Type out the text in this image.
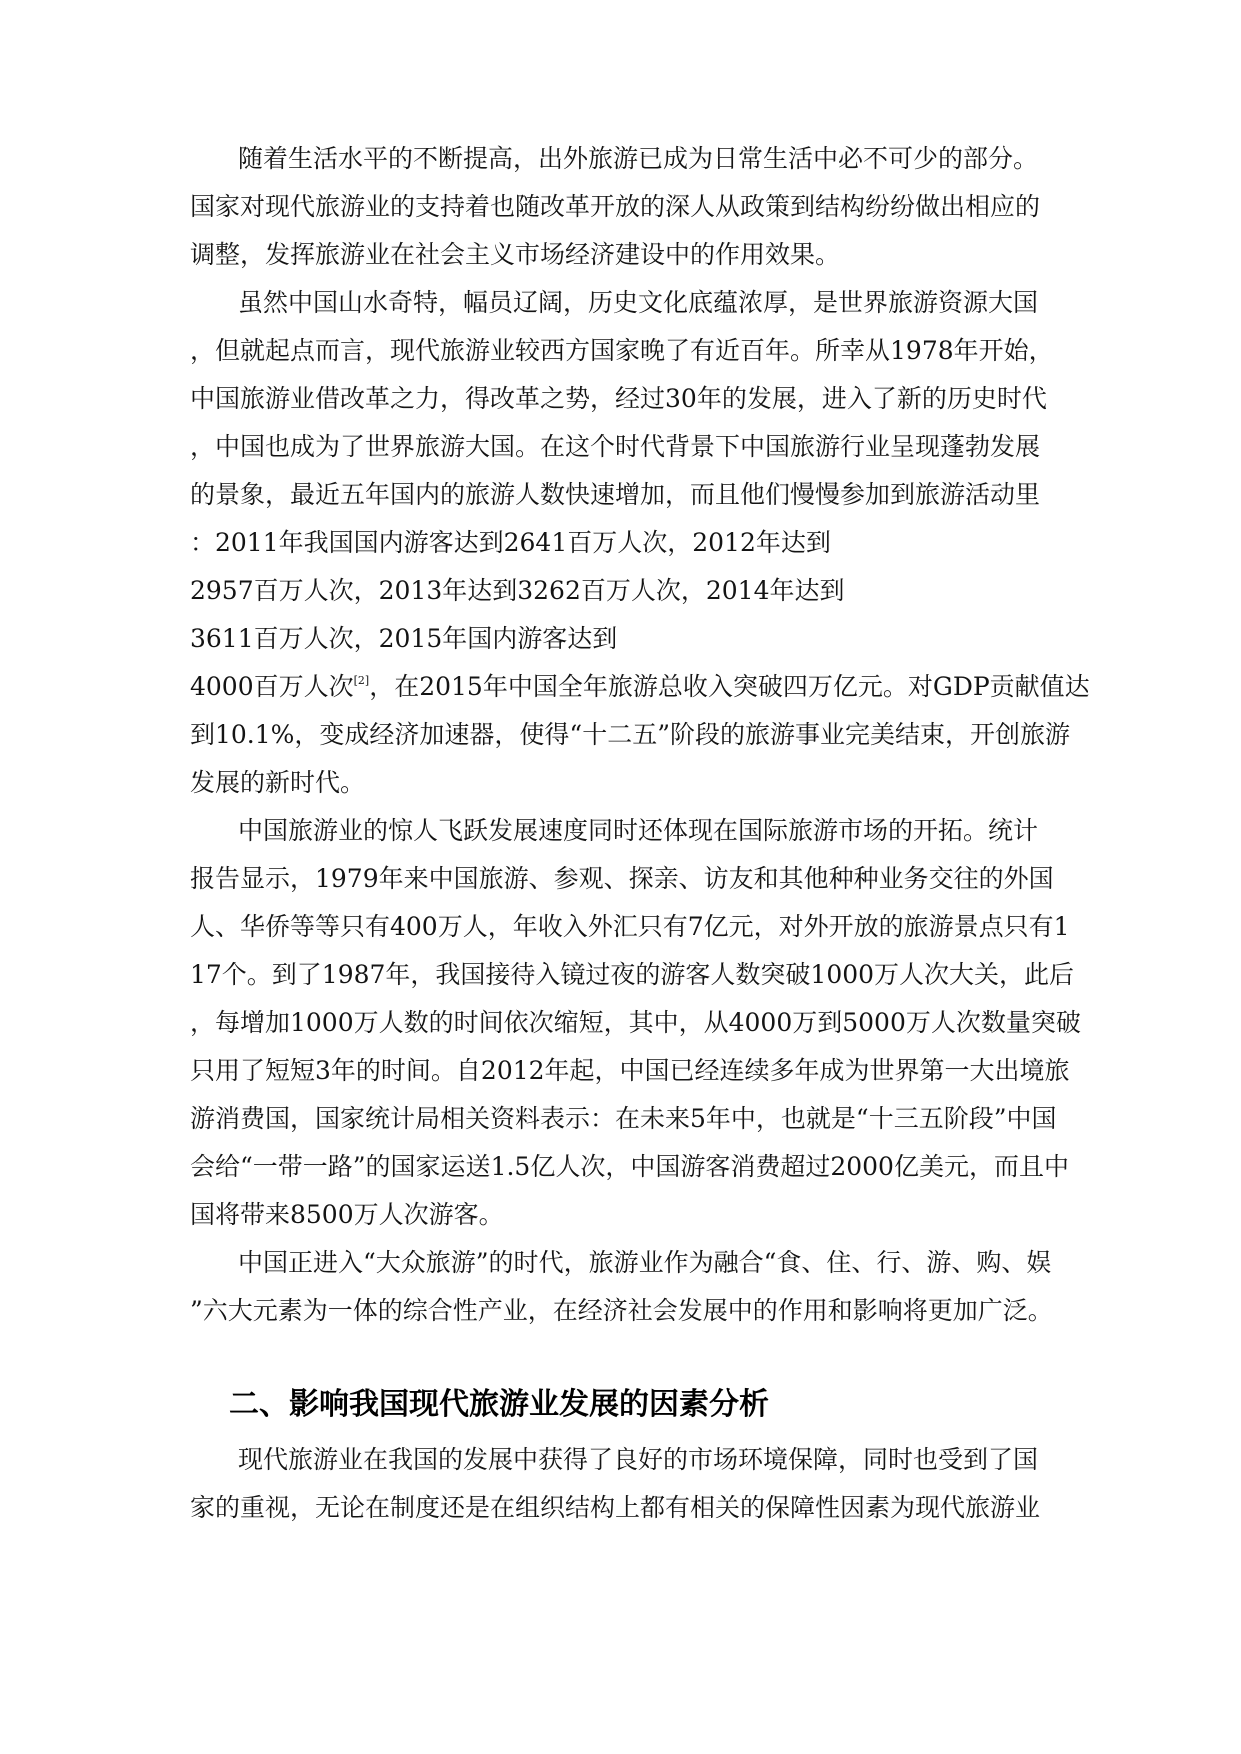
随着生活水平的不断提高，出外旅游已成为日常生活中必不可少的部分。
国家对现代旅游业的支持着也随改革开放的深人从政策到结构纷纷做出相应的
调整，发挥旅游业在社会主义市场经济建设中的作用效果。
虽然中国山水奇特，幅员辽阔，历史文化底蕴浓厚，是世界旅游资源大国
，但就起点而言，现代旅游业较西方国家晚了有近百年。所幸从1978年开始，
中国旅游业借改革之力，得改革之势，经过30年的发展，进入了新的历史时代
，中国也成为了世界旅游大国。在这个时代背景下中国旅游行业呈现蓬勃发展
的景象，最近五年国内的旅游人数快速增加，而且他们慢慢参加到旅游活动里
：2011年我国国内游客达到2641百万人次，2012年达到
2957百万人次，2013年达到3262百万人次，2014年达到
3611百万人次，2015年国内游客达到
4000百万人次[2]，在2015年中国全年旅游总收入突破四万亿元。对GDP贡献值达
到10.1%，变成经济加速器，使得“十二五”阶段的旅游事业完美结束，开创旅游
发展的新时代。
中国旅游业的惊人飞跃发展速度同时还体现在国际旅游市场的开拓。统计
报告显示，1979年来中国旅游、参观、探亲、访友和其他种种业务交往的外国
人、华侨等等只有400万人，年收入外汇只有7亿元，对外开放的旅游景点只有1
17个。到了1987年，我国接待入镜过夜的游客人数突破1000万人次大关，此后
，每增加1000万人数的时间依次缩短，其中，从4000万到5000万人次数量突破
只用了短短3年的时间。自2012年起，中国已经连续多年成为世界第一大出境旅
游消费国，国家统计局相关资料表示：在未来5年中，也就是“十三五阶段”中国
会给“一带一路”的国家运送1.5亿人次，中国游客消费超过2000亿美元，而且中
国将带来8500万人次游客。
中国正进入“大众旅游”的时代，旅游业作为融合“食、住、行、游、购、娱
”六大元素为一体的综合性产业，在经济社会发展中的作用和影响将更加广泛。
二、影响我国现代旅游业发展的因素分析
现代旅游业在我国的发展中获得了良好的市场环境保障，同时也受到了国
家的重视，无论在制度还是在组织结构上都有相关的保障性因素为现代旅游业
